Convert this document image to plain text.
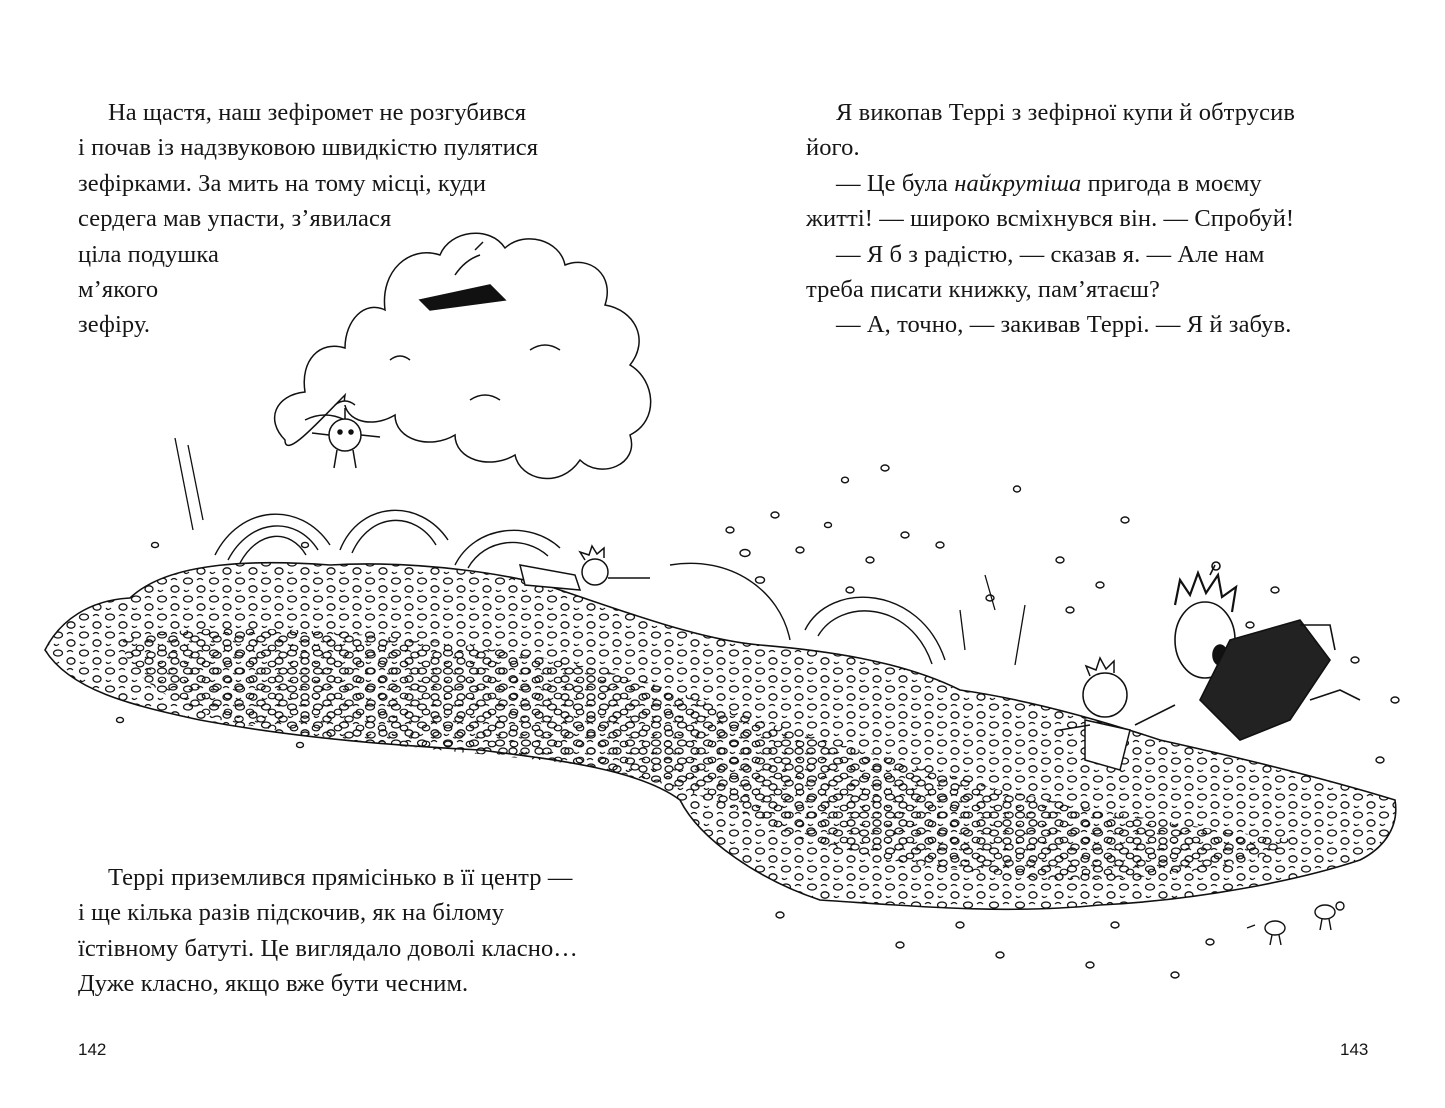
На щастя, наш зефіромет не розгубився
і почав із надзвуковою швидкістю пулятися
зефірками. За мить на тому місці, куди
сердега мав упасти, з’явилася
ціла подушка
м’якого
зефіру.

Террі приземлився прямісінько в її центр —
і ще кілька разів підскочив, як на білому
їстівному батуті. Це виглядало доволі класно…
Дуже класно, якщо вже бути чесним.

142

Я викопав Террі з зефірної купи й обтрусив
його.
— Це була найкрутіша пригода в моєму
житті! — широко всміхнувся він. — Спробуй!
— Я б з радістю, — сказав я. — Але нам
треба писати книжку, пам’ятаєш?
— А, точно, — закивав Террі. — Я й забув.

143
